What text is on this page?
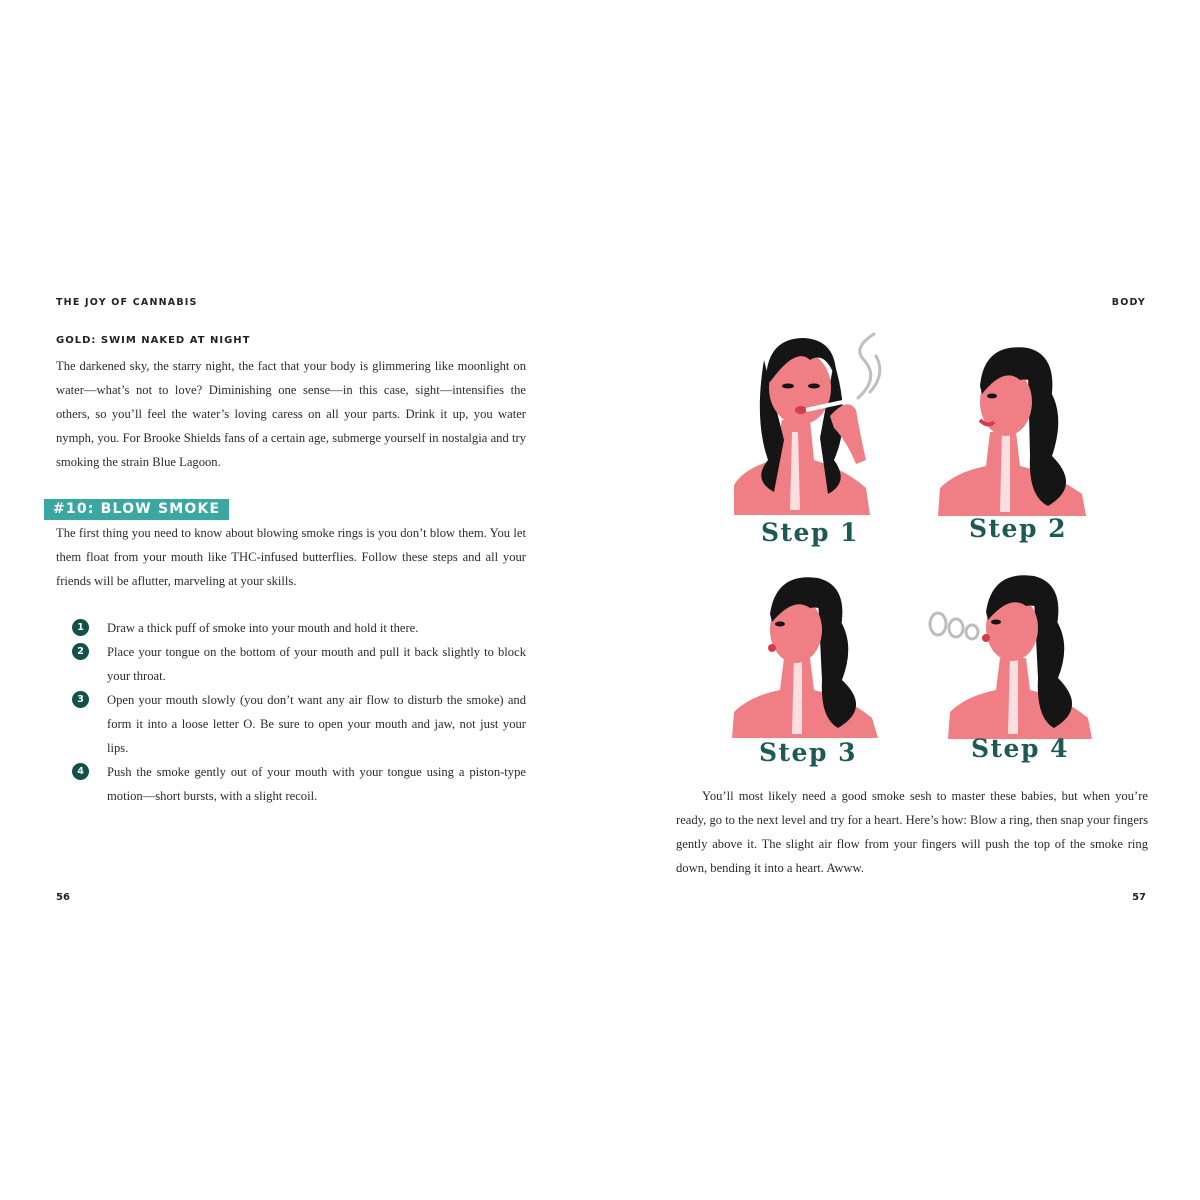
THE JOY OF CANNABIS	BODY
GOLD: SWIM NAKED AT NIGHT

The darkened sky, the starry night, the fact that your body is glimmering like moonlight on water—what’s not to love? Diminishing one sense—in this case, sight—intensifies the others, so you’ll feel the water’s loving caress on all your parts. Drink it up, you water nymph, you. For Brooke Shields fans of a certain age, submerge yourself in nostalgia and try smoking the strain Blue Lagoon.

#10: BLOW SMOKE

The first thing you need to know about blowing smoke rings is you don’t blow them. You let them float from your mouth like THC-infused butterflies. Follow these steps and all your friends will be aflutter, marveling at your skills.

1	Draw a thick puff of smoke into your mouth and hold it there.

2	Place your tongue on the bottom of your mouth and pull it back slightly to block your throat.

3	Open your mouth slowly (you don’t want any air flow to disturb the smoke) and form it into a loose letter O. Be sure to open your mouth and jaw, not just your lips.

4	Push the smoke gently out of your mouth with your tongue using a piston-type motion—short bursts, with a slight recoil.

56

Step 1	Step 2

Step 3	Step 4

You’ll most likely need a good smoke sesh to master these babies, but when you’re ready, go to the next level and try for a heart. Here’s how: Blow a ring, then snap your fingers gently above it. The slight air flow from your fingers will push the top of the smoke ring down, bending it into a heart. Awww.

57
